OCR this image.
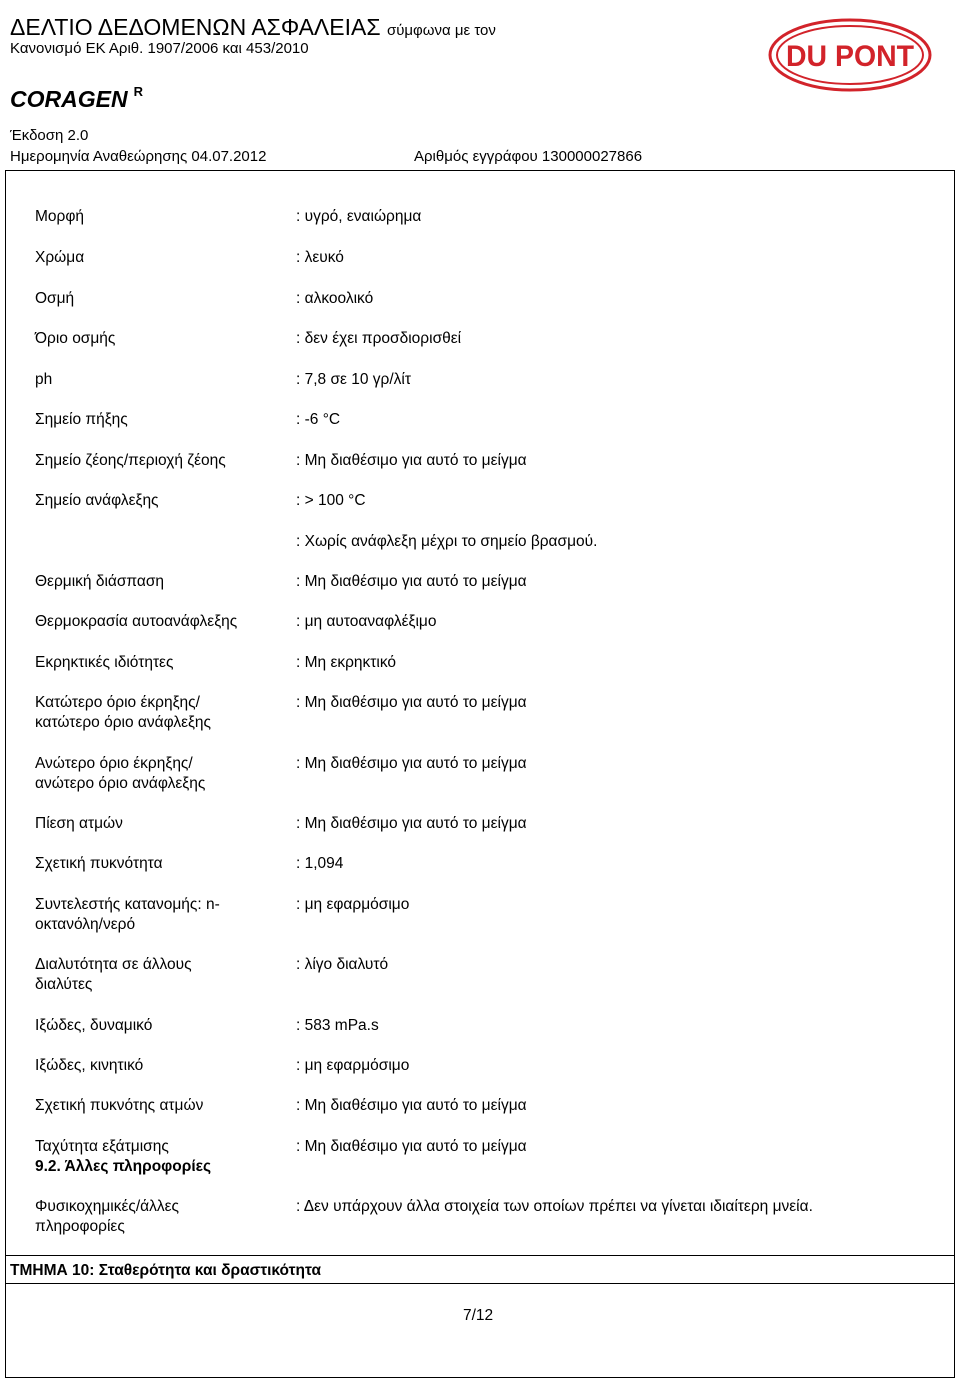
ΔΕΛΤΙΟ ΔΕΔΟΜΕΝΩΝ ΑΣΦΑΛΕΙΑΣ σύμφωνα με τον
Κανονισμό ΕΚ Αριθ. 1907/2006 και 453/2010
CORAGEN $^R$
Έκδοση 2.0
Ημερομηνία Αναθεώρησης 04.07.2012	Αριθμός εγγράφου 130000027866
DU PONT
Μορφή	: υγρό, εναιώρημα
Χρώμα	: λευκό
Οσμή	: αλκοολικό
Όριο οσμής	: δεν έχει προσδιορισθεί
ph	: 7,8 σε 10 γρ/λίτ
Σημείο πήξης	: -6 °C
Σημείο ζέοης/περιοχή ζέοης	: Μη διαθέσιμο για αυτό το μείγμα
Σημείο ανάφλεξης	: > 100 °C
: Χωρίς ανάφλεξη μέχρι το σημείο βρασμού.
Θερμική διάσπαση	: Μη διαθέσιμο για αυτό το μείγμα
Θερμοκρασία αυτοανάφλεξης	: μη αυτοαναφλέξιμο
Εκρηκτικές ιδιότητες	: Μη εκρηκτικό
Κατώτερο όριο έκρηξης/
κατώτερο όριο ανάφλεξης
: Μη διαθέσιμο για αυτό το μείγμα
Ανώτερο όριο έκρηξης/
ανώτερο όριο ανάφλεξης
: Μη διαθέσιμο για αυτό το μείγμα
Πίεση ατμών	: Μη διαθέσιμο για αυτό το μείγμα
Σχετική πυκνότητα	: 1,094
Συντελεστής κατανομής: n-
οκτανόλη/νερό
: μη εφαρμόσιμο
Διαλυτότητα σε άλλους
διαλύτες
: λίγο διαλυτό
Ιξώδες, δυναμικό	: 583 mPa.s
Ιξώδες, κινητικό	: μη εφαρμόσιμο
Σχετική πυκνότης ατμών	: Μη διαθέσιμο για αυτό το μείγμα
Ταχύτητα εξάτμισης	: Μη διαθέσιμο για αυτό το μείγμα
9.2. Άλλες πληροφορίες
Φυσικοχημικές/άλλες
πληροφορίες
: Δεν υπάρχουν άλλα στοιχεία των οποίων πρέπει να γίνεται ιδιαίτερη μνεία.
ΤΜΗΜΑ 10: Σταθερότητα και δραστικότητα
7/12
